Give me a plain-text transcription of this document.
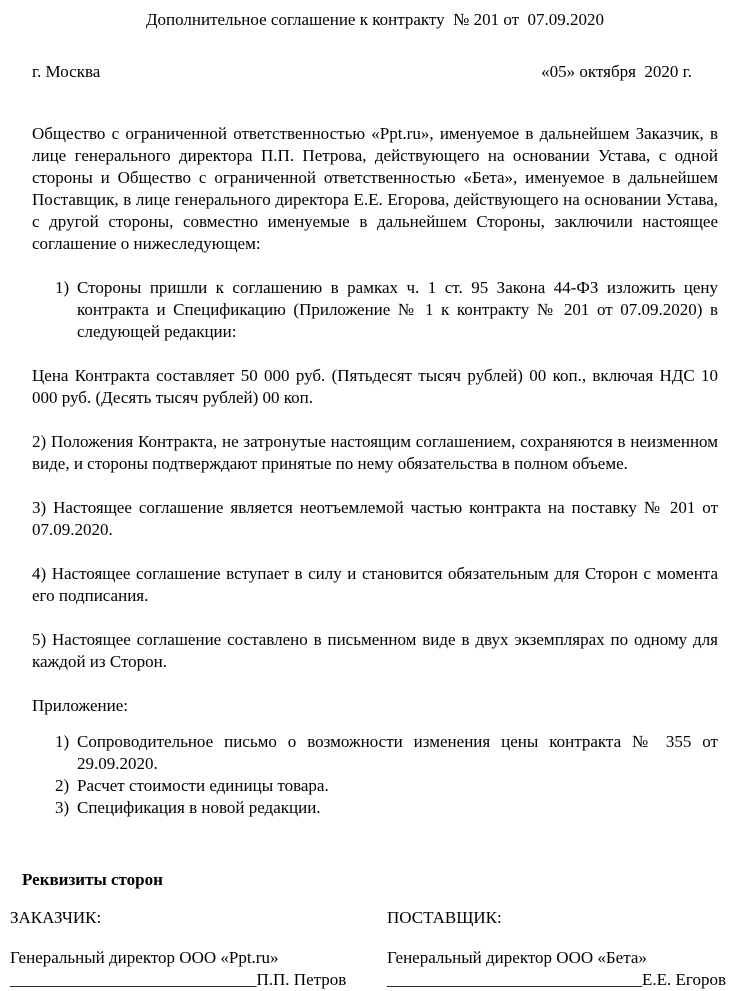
Дополнительное соглашение к контракту  № 201 от  07.09.2020
г. Москва	«05» октября  2020 г.

Общество с ограниченной ответственностью «Ppt.ru», именуемое в дальнейшем Заказчик, в лице генерального директора П.П. Петрова, действующего на основании Устава, с одной стороны и Общество с ограниченной ответственностью «Бета», именуемое в дальнейшем Поставщик, в лице генерального директора Е.Е. Егорова, действующего на основании Устава, с другой стороны, совместно именуемые в дальнейшем Стороны, заключили настоящее соглашение о нижеследующем:

1) Стороны пришли к соглашению в рамках ч. 1 ст. 95 Закона 44-ФЗ изложить цену контракта и Спецификацию (Приложение № 1 к контракту № 201 от 07.09.2020) в следующей редакции:

Цена Контракта составляет 50 000 руб. (Пятьдесят тысяч рублей) 00 коп., включая НДС 10 000 руб. (Десять тысяч рублей) 00 коп.

2) Положения Контракта, не затронутые настоящим соглашением, сохраняются в неизменном виде, и стороны подтверждают принятые по нему обязательства в полном объеме.

3) Настоящее соглашение является неотъемлемой частью контракта на поставку № 201 от 07.09.2020.

4) Настоящее соглашение вступает в силу и становится обязательным для Сторон с момента его подписания.

5) Настоящее соглашение составлено в письменном виде в двух экземплярах по одному для каждой из Сторон.

Приложение:

1) Сопроводительное письмо о возможности изменения цены контракта № 355 от 29.09.2020.
2) Расчет стоимости единицы товара.
3) Спецификация в новой редакции.

Реквизиты сторон

ЗАКАЗЧИК:
Генеральный директор ООО «Ppt.ru»
_____________________________П.П. Петров
ПОСТАВЩИК:
Генеральный директор ООО «Бета»
______________________________Е.Е. Егоров
